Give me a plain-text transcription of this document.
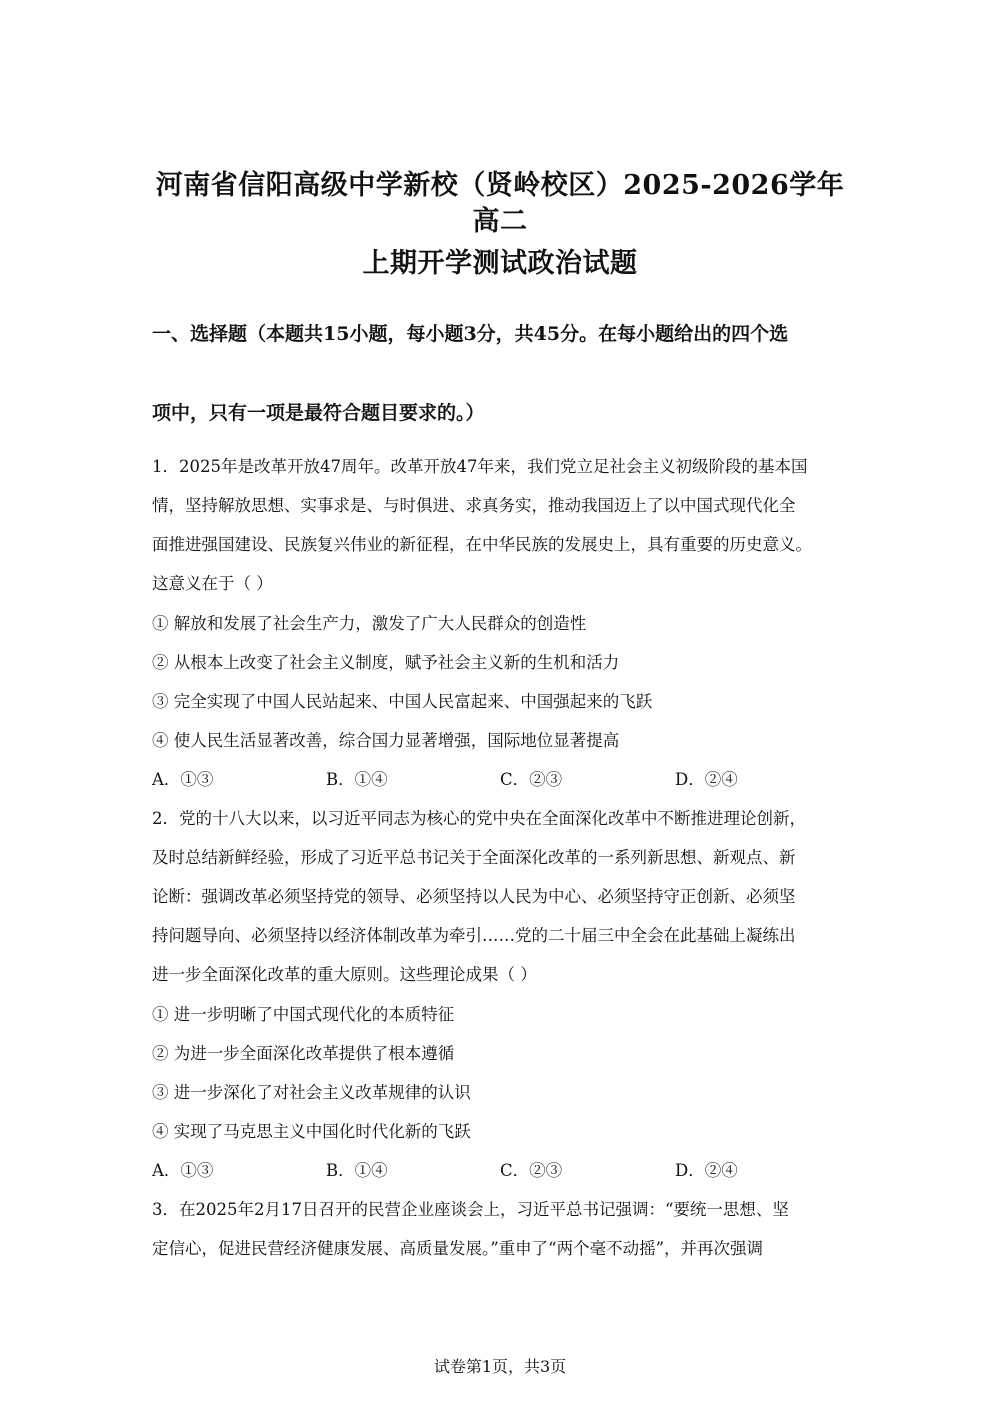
河南省信阳高级中学新校（贤岭校区）2025-2026学年高二
上期开学测试政治试题
一、选择题（本题共15小题，每小题3分，共45分。在每小题给出的四个选
项中，只有一项是最符合题目要求的。）
1．2025年是改革开放47周年。改革开放47年来，我们党立足社会主义初级阶段的基本国
情，坚持解放思想、实事求是、与时俱进、求真务实，推动我国迈上了以中国式现代化全
面推进强国建设、民族复兴伟业的新征程，在中华民族的发展史上，具有重要的历史意义。
这意义在于（ ）
① 解放和发展了社会生产力，激发了广大人民群众的创造性
② 从根本上改变了社会主义制度，赋予社会主义新的生机和活力
③ 完全实现了中国人民站起来、中国人民富起来、中国强起来的飞跃
④ 使人民生活显著改善，综合国力显著增强，国际地位显著提高
A．①③	B．①④	C．②③	D．②④
2．党的十八大以来，以习近平同志为核心的党中央在全面深化改革中不断推进理论创新，
及时总结新鲜经验，形成了习近平总书记关于全面深化改革的一系列新思想、新观点、新
论断：强调改革必须坚持党的领导、必须坚持以人民为中心、必须坚持守正创新、必须坚
持问题导向、必须坚持以经济体制改革为牵引……党的二十届三中全会在此基础上凝练出
进一步全面深化改革的重大原则。这些理论成果（ ）
① 进一步明晰了中国式现代化的本质特征
② 为进一步全面深化改革提供了根本遵循
③ 进一步深化了对社会主义改革规律的认识
④ 实现了马克思主义中国化时代化新的飞跃
A．①③	B．①④	C．②③	D．②④
3．在2025年2月17日召开的民营企业座谈会上，习近平总书记强调：“要统一思想、坚
定信心，促进民营经济健康发展、高质量发展。”重申了“两个毫不动摇”，并再次强调
试卷第1页，共3页
